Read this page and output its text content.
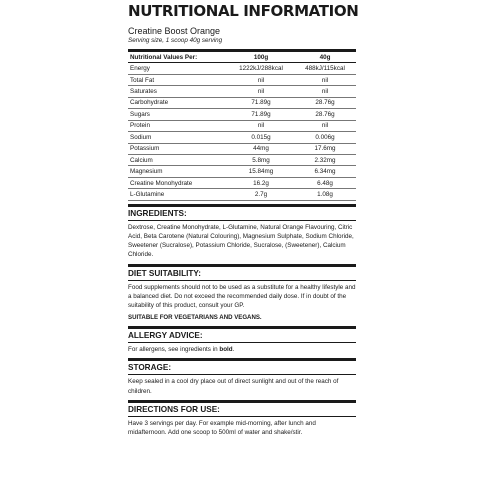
NUTRITIONAL INFORMATION
Creatine Boost Orange
Serving size, 1 scoop 40g serving
Nutritional Values Per:	100g	40g
Energy	1222kJ/288kcal	488kJ/115kcal
Total Fat	nil	nil
Saturates	nil	nil
Carbohydrate	71.89g	28.76g
Sugars	71.89g	28.76g
Protein	nil	nil
Sodium	0.015g	0.006g
Potassium	44mg	17.6mg
Calcium	5.8mg	2.32mg
Magnesium	15.84mg	6.34mg
Creatine Monohydrate	16.2g	6.48g
L-Glutamine	2.7g	1.08g
INGREDIENTS:
Dextrose, Creatine Monohydrate, L-Glutamine, Natural Orange Flavouring, Citric Acid, Beta Carotene (Natural Colouring), Magnesium Sulphate, Sodium Chloride, Sweetener (Sucralose), Potassium Chloride, Sucralose, (Sweetener), Calcium Chloride.
DIET SUITABILITY:
Food supplements should not to be used as a substitute for a healthy lifestyle and a balanced diet. Do not exceed the recommended daily dose. If in doubt of the suitability of this product, consult your GP.
SUITABLE FOR VEGETARIANS AND VEGANS.
ALLERGY ADVICE:
For allergens, see ingredients in bold.
STORAGE:
Keep sealed in a cool dry place out of direct sunlight and out of the reach of children.
DIRECTIONS FOR USE:
Have 3 servings per day. For example mid-morning, after lunch and midafternoon. Add one scoop to 500ml of water and shake/stir.
